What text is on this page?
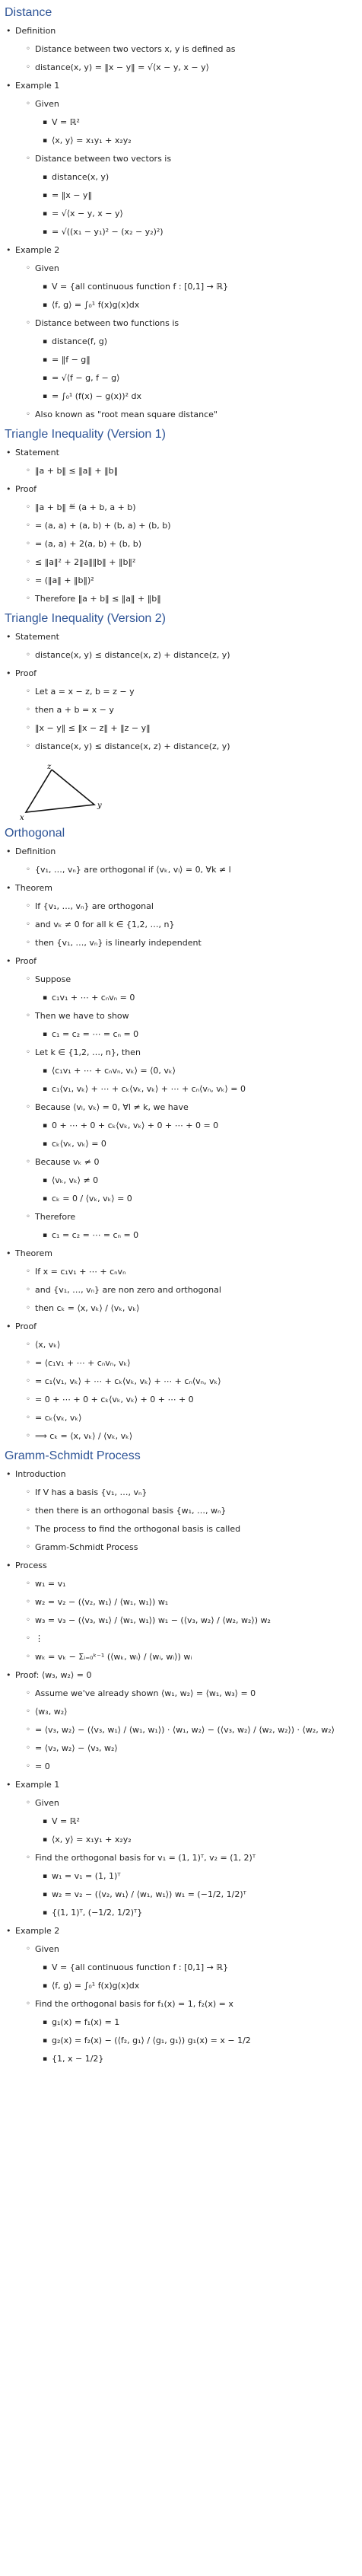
Distance
• Definition
◦ Distance between two vectors x, y is defined as
◦ distance(x, y) = ‖x − y‖ = √⟨x − y, x − y⟩
• Example 1
◦ Given
▪ V = ℝ²
▪ ⟨x, y⟩ = x₁y₁ + x₂y₂
◦ Distance between two vectors is
▪ distance(x, y)
▪ = ‖x − y‖
▪ = √⟨x − y, x − y⟩
▪ = √((x₁ − y₁)² − (x₂ − y₂)²)
• Example 2
◦ Given
▪ V = {all continuous function f : [0,1] → ℝ}
▪ ⟨f, g⟩ = ∫₀¹ f(x)g(x)dx
◦ Distance between two functions is
▪ distance(f, g)
▪ = ‖f − g‖
▪ = √⟨f − g, f − g⟩
▪ = ∫₀¹ (f(x) − g(x))² dx
◦ Also known as "root mean square distance"
Triangle Inequality (Version 1)
• Statement
◦ ‖a + b‖ ≤ ‖a‖ + ‖b‖
• Proof
◦ ‖a + b‖ ≝ (a + b, a + b)
◦ = (a, a) + (a, b) + (b, a) + (b, b)
◦ = (a, a) + 2(a, b) + (b, b)
◦ ≤ ‖a‖² + 2‖a‖‖b‖ + ‖b‖²
◦ = (‖a‖ + ‖b‖)²
◦ Therefore ‖a + b‖ ≤ ‖a‖ + ‖b‖
Triangle Inequality (Version 2)
• Statement
◦ distance(x, y) ≤ distance(x, z) + distance(z, y)
• Proof
◦ Let a = x − z, b = z − y
◦ then a + b = x − y
◦ ‖x − y‖ ≤ ‖x − z‖ + ‖z − y‖
◦ distance(x, y) ≤ distance(x, z) + distance(z, y)
z
y
x
Orthogonal
• Definition
◦ {v₁, …, vₙ} are orthogonal if ⟨vₖ, vₗ⟩ = 0, ∀k ≠ l
• Theorem
◦ If {v₁, …, vₙ} are orthogonal
◦ and vₖ ≠ 0 for all k ∈ {1,2, …, n}
◦ then {v₁, …, vₙ} is linearly independent
• Proof
◦ Suppose
▪ c₁v₁ + ⋯ + cₙvₙ = 0
◦ Then we have to show
▪ c₁ = c₂ = ⋯ = cₙ = 0
◦ Let k ∈ {1,2, …, n}, then
▪ ⟨c₁v₁ + ⋯ + cₙvₙ, vₖ⟩ = ⟨0, vₖ⟩
▪ c₁⟨v₁, vₖ⟩ + ⋯ + cₖ⟨vₖ, vₖ⟩ + ⋯ + cₙ⟨vₙ, vₖ⟩ = 0
◦ Because ⟨vₗ, vₖ⟩ = 0, ∀l ≠ k, we have
▪ 0 + ⋯ + 0 + cₖ⟨vₖ, vₖ⟩ + 0 + ⋯ + 0 = 0
▪ cₖ⟨vₖ, vₖ⟩ = 0
◦ Because vₖ ≠ 0
▪ ⟨vₖ, vₖ⟩ ≠ 0
▪ cₖ = 0 / ⟨vₖ, vₖ⟩ = 0
◦ Therefore
▪ c₁ = c₂ = ⋯ = cₙ = 0
• Theorem
◦ If x = c₁v₁ + ⋯ + cₙvₙ
◦ and {v₁, …, vₙ} are non zero and orthogonal
◦ then cₖ = ⟨x, vₖ⟩ / ⟨vₖ, vₖ⟩
• Proof
◦ ⟨x, vₖ⟩
◦ = ⟨c₁v₁ + ⋯ + cₙvₙ, vₖ⟩
◦ = c₁⟨v₁, vₖ⟩ + ⋯ + cₖ⟨vₖ, vₖ⟩ + ⋯ + cₙ⟨vₙ, vₖ⟩
◦ = 0 + ⋯ + 0 + cₖ⟨vₖ, vₖ⟩ + 0 + ⋯ + 0
◦ = cₖ⟨vₖ, vₖ⟩
◦ ⟹ cₖ = ⟨x, vₖ⟩ / ⟨vₖ, vₖ⟩
Gramm-Schmidt Process
• Introduction
◦ If V has a basis {v₁, …, vₙ}
◦ then there is an orthogonal basis {w₁, …, wₙ}
◦ The process to find the orthogonal basis is called
◦ Gramm-Schmidt Process
• Process
◦ w₁ = v₁
◦ w₂ = v₂ − (⟨v₂, w₁⟩ / ⟨w₁, w₁⟩) w₁
◦ w₃ = v₃ − (⟨v₃, w₁⟩ / ⟨w₁, w₁⟩) w₁ − (⟨v₃, w₂⟩ / ⟨w₂, w₂⟩) w₂
◦ ⋮
◦ wₖ = vₖ − Σᵢ₌₀ᵏ⁻¹ (⟨wₖ, wᵢ⟩ / ⟨wᵢ, wᵢ⟩) wᵢ
• Proof: ⟨w₃, w₂⟩ = 0
◦ Assume we've already shown ⟨w₁, w₂⟩ = ⟨w₁, w₃⟩ = 0
◦ ⟨w₃, w₂⟩
◦ = ⟨v₃, w₂⟩ − (⟨v₃, w₁⟩ / ⟨w₁, w₁⟩) · ⟨w₁, w₂⟩ − (⟨v₃, w₂⟩ / ⟨w₂, w₂⟩) · ⟨w₂, w₂⟩
◦ = ⟨v₃, w₂⟩ − ⟨v₃, w₂⟩
◦ = 0
• Example 1
◦ Given
▪ V = ℝ²
▪ ⟨x, y⟩ = x₁y₁ + x₂y₂
◦ Find the orthogonal basis for v₁ = (1, 1)ᵀ, v₂ = (1, 2)ᵀ
▪ w₁ = v₁ = (1, 1)ᵀ
▪ w₂ = v₂ − (⟨v₂, w₁⟩ / ⟨w₁, w₁⟩) w₁ = (−1/2, 1/2)ᵀ
▪ {(1, 1)ᵀ, (−1/2, 1/2)ᵀ}
• Example 2
◦ Given
▪ V = {all continuous function f : [0,1] → ℝ}
▪ ⟨f, g⟩ = ∫₀¹ f(x)g(x)dx
◦ Find the orthogonal basis for f₁(x) = 1, f₂(x) = x
▪ g₁(x) = f₁(x) = 1
▪ g₂(x) = f₂(x) − (⟨f₂, g₁⟩ / ⟨g₁, g₁⟩) g₁(x) = x − 1/2
▪ {1, x − 1/2}
